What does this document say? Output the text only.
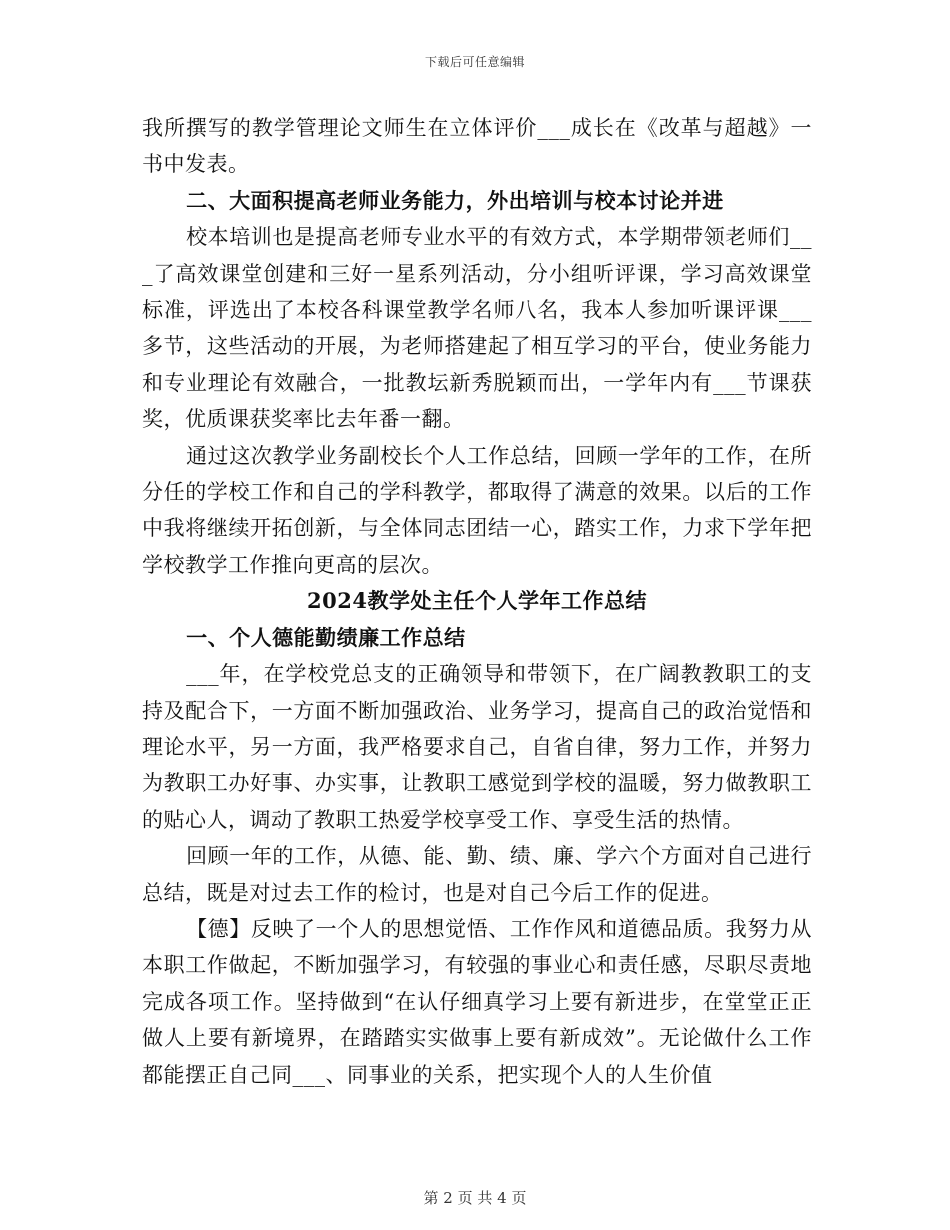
下载后可任意编辑

我所撰写的教学管理论文师生在立体评价___成长在《改革与超越》一书中发表。

二、大面积提高老师业务能力，外出培训与校本讨论并进

校本培训也是提高老师专业水平的有效方式，本学期带领老师们___了高效课堂创建和三好一星系列活动，分小组听评课，学习高效课堂标准，评选出了本校各科课堂教学名师八名，我本人参加听课评课___多节，这些活动的开展，为老师搭建起了相互学习的平台，使业务能力和专业理论有效融合，一批教坛新秀脱颖而出，一学年内有___节课获奖，优质课获奖率比去年番一翻。

通过这次教学业务副校长个人工作总结，回顾一学年的工作，在所分任的学校工作和自己的学科教学，都取得了满意的效果。以后的工作中我将继续开拓创新，与全体同志团结一心，踏实工作，力求下学年把学校教学工作推向更高的层次。

2024教学处主任个人学年工作总结

一、个人德能勤绩廉工作总结

___年，在学校党总支的正确领导和带领下，在广阔教教职工的支持及配合下，一方面不断加强政治、业务学习，提高自己的政治觉悟和理论水平，另一方面，我严格要求自己，自省自律，努力工作，并努力为教职工办好事、办实事，让教职工感觉到学校的温暖，努力做教职工的贴心人，调动了教职工热爱学校享受工作、享受生活的热情。

回顾一年的工作，从德、能、勤、绩、廉、学六个方面对自己进行总结，既是对过去工作的检讨，也是对自己今后工作的促进。

【德】反映了一个人的思想觉悟、工作作风和道德品质。我努力从本职工作做起，不断加强学习，有较强的事业心和责任感，尽职尽责地完成各项工作。坚持做到“在认仔细真学习上要有新进步，在堂堂正正做人上要有新境界，在踏踏实实做事上要有新成效”。无论做什么工作都能摆正自己同___、同事业的关系，把实现个人的人生价值

第 2 页 共 4 页
